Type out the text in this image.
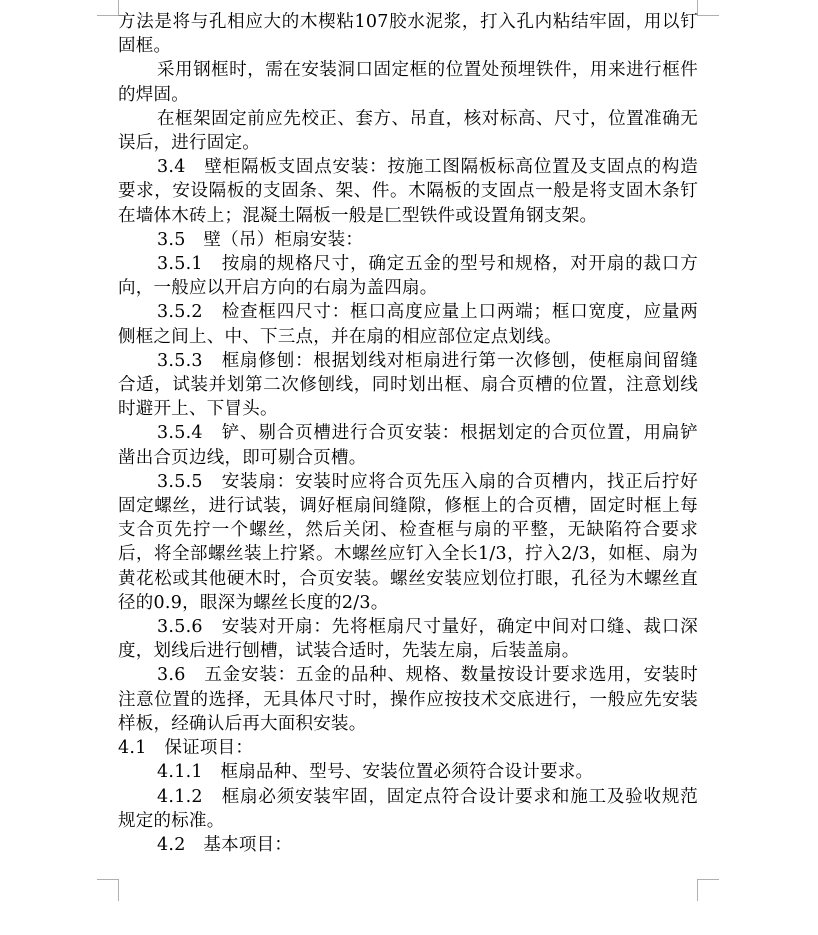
方法是将与孔相应大的木楔粘107胶水泥浆，打入孔内粘结牢固，用以钉固框。

采用钢框时，需在安装洞口固定框的位置处预埋铁件，用来进行框件的焊固。

在框架固定前应先校正、套方、吊直，核对标高、尺寸，位置准确无误后，进行固定。

3.4　壁柜隔板支固点安装：按施工图隔板标高位置及支固点的构造要求，安设隔板的支固条、架、件。木隔板的支固点一般是将支固木条钉在墙体木砖上；混凝土隔板一般是匚型铁件或设置角钢支架。

3.5　壁（吊）柜扇安装：

3.5.1　按扇的规格尺寸，确定五金的型号和规格，对开扇的裁口方向，一般应以开启方向的右扇为盖四扇。

3.5.2　检查框四尺寸：框口高度应量上口两端；框口宽度，应量两侧框之间上、中、下三点，并在扇的相应部位定点划线。

3.5.3　框扇修刨：根据划线对柜扇进行第一次修刨，使框扇间留缝合适，试装并划第二次修刨线，同时划出框、扇合页槽的位置，注意划线时避开上、下冒头。

3.5.4　铲、剔合页槽进行合页安装：根据划定的合页位置，用扁铲凿出合页边线，即可剔合页槽。

3.5.5　安装扇：安装时应将合页先压入扇的合页槽内，找正后拧好固定螺丝，进行试装，调好框扇间缝隙，修框上的合页槽，固定时框上每支合页先拧一个螺丝，然后关闭、检查框与扇的平整，无缺陷符合要求后，将全部螺丝装上拧紧。木螺丝应钉入全长1/3，拧入2/3，如框、扇为黄花松或其他硬木时，合页安装。螺丝安装应划位打眼，孔径为木螺丝直径的0.9，眼深为螺丝长度的2/3。

3.5.6　安装对开扇：先将框扇尺寸量好，确定中间对口缝、裁口深度，划线后进行刨槽，试装合适时，先装左扇，后装盖扇。

3.6　五金安装：五金的品种、规格、数量按设计要求选用，安装时注意位置的选择，无具体尺寸时，操作应按技术交底进行，一般应先安装样板，经确认后再大面积安装。

4.1　保证项目：

4.1.1　框扇品种、型号、安装位置必须符合设计要求。

4.1.2　框扇必须安装牢固，固定点符合设计要求和施工及验收规范规定的标准。

4.2　基本项目：
